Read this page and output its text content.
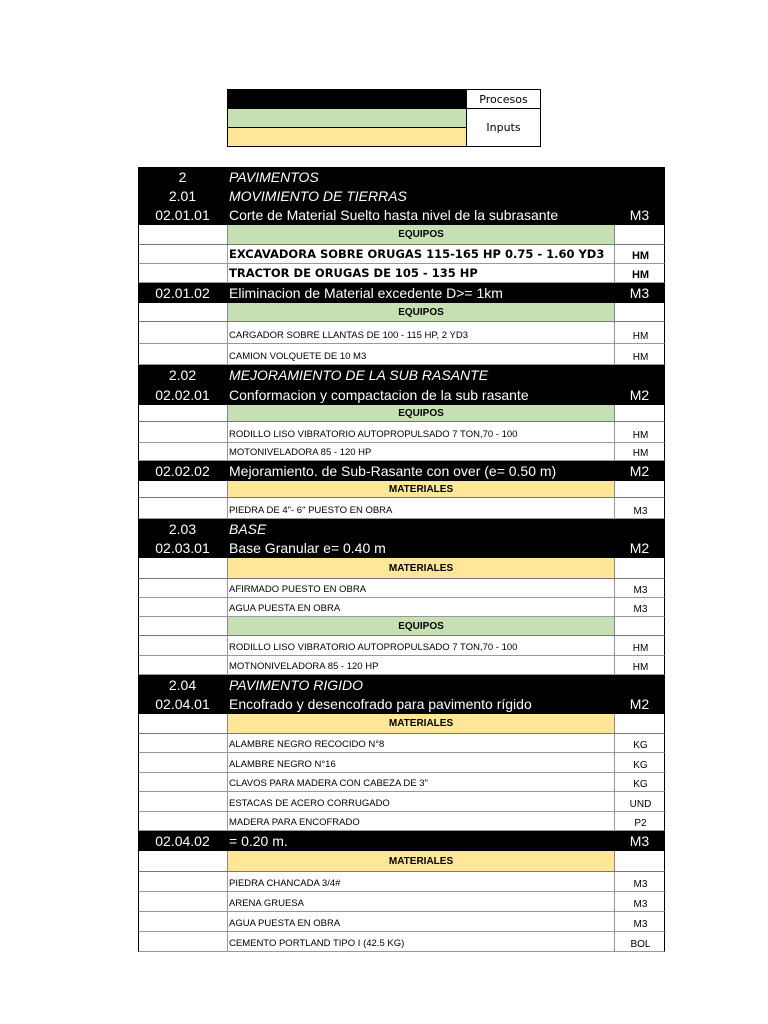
	Procesos
	Inputs

2	PAVIMENTOS
2.01	MOVIMIENTO DE TIERRAS
02.01.01	Corte de Material Suelto hasta nivel de la subrasante	M3
EQUIPOS
EXCAVADORA SOBRE ORUGAS 115-165 HP 0.75 - 1.60 YD3	HM
TRACTOR DE ORUGAS DE 105 - 135 HP	HM
02.01.02	Eliminacion de Material excedente D>= 1km	M3
EQUIPOS
CARGADOR SOBRE LLANTAS DE 100 - 115 HP, 2 YD3	HM
CAMION VOLQUETE DE 10 M3	HM
2.02	MEJORAMIENTO DE LA SUB RASANTE
02.02.01	Conformacion y compactacion de la sub rasante	M2
EQUIPOS
RODILLO LISO VIBRATORIO AUTOPROPULSADO 7 TON,70 - 100	HM
MOTONIVELADORA 85 - 120 HP	HM
02.02.02	Mejoramiento. de Sub-Rasante con over (e= 0.50 m)	M2
MATERIALES
PIEDRA DE 4"- 6" PUESTO EN OBRA	M3
2.03	BASE
02.03.01	Base Granular e= 0.40 m	M2
MATERIALES
AFIRMADO PUESTO EN OBRA	M3
AGUA PUESTA EN OBRA	M3
EQUIPOS
RODILLO LISO VIBRATORIO AUTOPROPULSADO 7 TON,70 - 100	HM
MOTNONIVELADORA 85 - 120 HP	HM
2.04	PAVIMENTO RIGIDO
02.04.01	Encofrado y desencofrado para pavimento rígido	M2
MATERIALES
ALAMBRE NEGRO RECOCIDO N°8	KG
ALAMBRE NEGRO N°16	KG
CLAVOS PARA MADERA CON CABEZA DE 3"	KG
ESTACAS DE ACERO CORRUGADO	UND
MADERA PARA ENCOFRADO	P2
02.04.02	= 0.20 m.	M3
MATERIALES
PIEDRA CHANCADA 3/4#	M3
ARENA GRUESA	M3
AGUA PUESTA EN OBRA	M3
CEMENTO PORTLAND TIPO I (42.5 KG)	BOL
